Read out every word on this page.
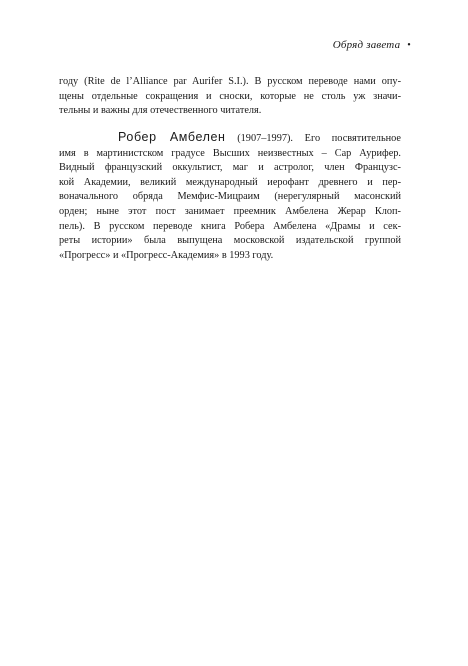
Обряд завета •

году (Rite de l’Alliance par Aurifer S.I.). В русском переводе нами опу-
щены отдельные сокращения и сноски, которые не столь уж значи-
тельны и важны для отечественного читателя.

Робер Амбелен (1907–1997). Его посвятительное
имя в мартинистском градусе Высших неизвестных – Сар Аурифер.
Видный французский оккультист, маг и астролог, член Французс-
кой Академии, великий международный иерофант древнего и пер-
воначального обряда Мемфис-Мицраим (нерегулярный масонский
орден; ныне этот пост занимает преемник Амбелена Жерар Клоп-
пель). В русском переводе книга Робера Амбелена «Драмы и сек-
реты истории» была выпущена московской издательской группой
«Прогресс» и «Прогресс-Академия» в 1993 году.
